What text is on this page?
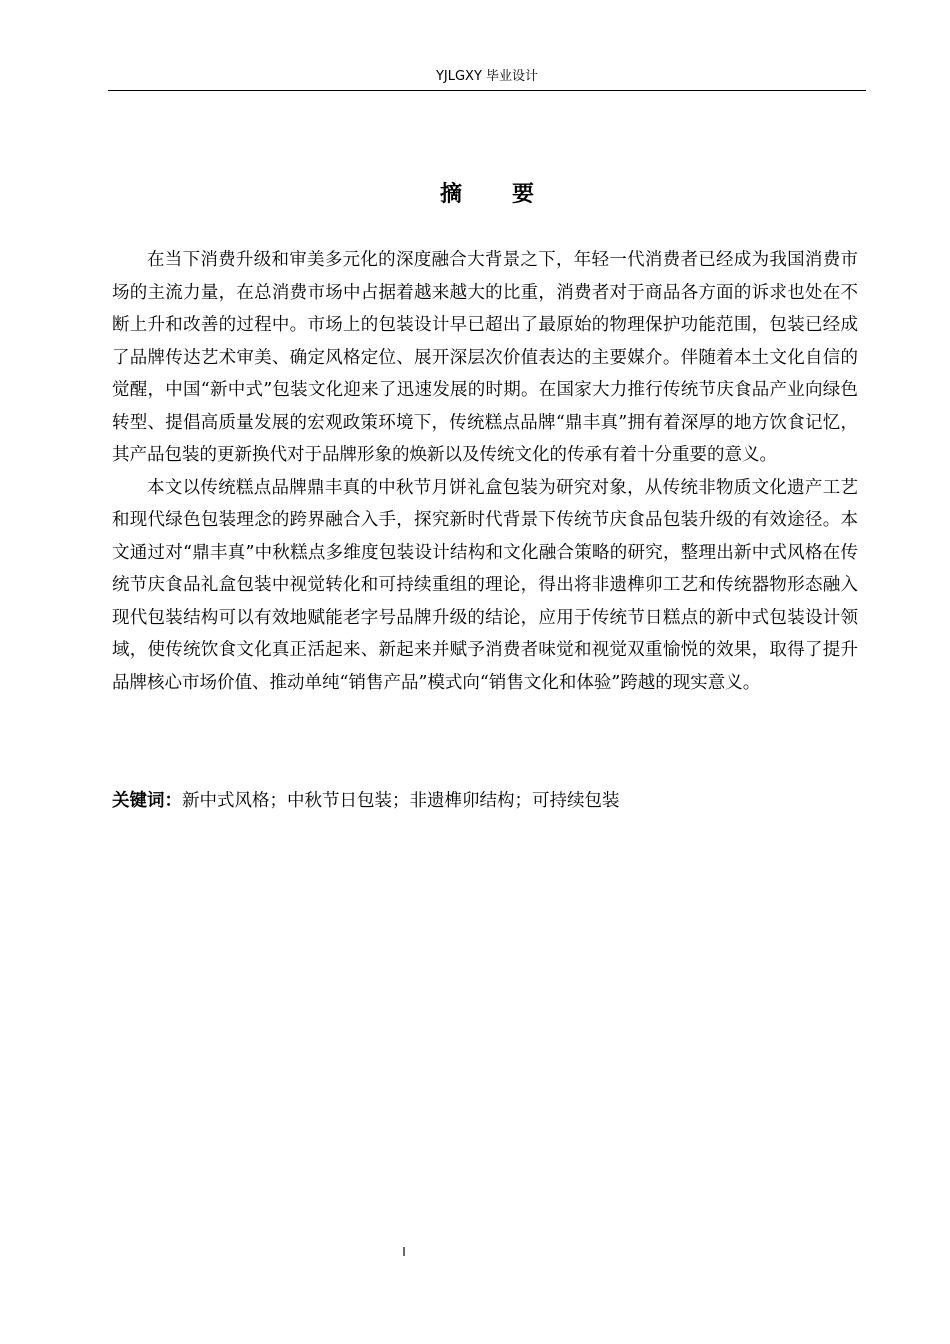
YJLGXY 毕业设计
摘要

在当下消费升级和审美多元化的深度融合大背景之下，年轻一代消费者已经成为我国消费市场的主流力量，在总消费市场中占据着越来越大的比重，消费者对于商品各方面的诉求也处在不断上升和改善的过程中。市场上的包装设计早已超出了最原始的物理保护功能范围，包装已经成了品牌传达艺术审美、确定风格定位、展开深层次价值表达的主要媒介。伴随着本土文化自信的觉醒，中国“新中式”包装文化迎来了迅速发展的时期。在国家大力推行传统节庆食品产业向绿色转型、提倡高质量发展的宏观政策环境下，传统糕点品牌“鼎丰真”拥有着深厚的地方饮食记忆，其产品包装的更新换代对于品牌形象的焕新以及传统文化的传承有着十分重要的意义。

本文以传统糕点品牌鼎丰真的中秋节月饼礼盒包装为研究对象，从传统非物质文化遗产工艺和现代绿色包装理念的跨界融合入手，探究新时代背景下传统节庆食品包装升级的有效途径。本文通过对“鼎丰真”中秋糕点多维度包装设计结构和文化融合策略的研究，整理出新中式风格在传统节庆食品礼盒包装中视觉转化和可持续重组的理论，得出将非遗榫卯工艺和传统器物形态融入现代包装结构可以有效地赋能老字号品牌升级的结论，应用于传统节日糕点的新中式包装设计领域，使传统饮食文化真正活起来、新起来并赋予消费者味觉和视觉双重愉悦的效果，取得了提升品牌核心市场价值、推动单纯“销售产品”模式向“销售文化和体验”跨越的现实意义。

关键词：新中式风格；中秋节日包装；非遗榫卯结构；可持续包装
I
